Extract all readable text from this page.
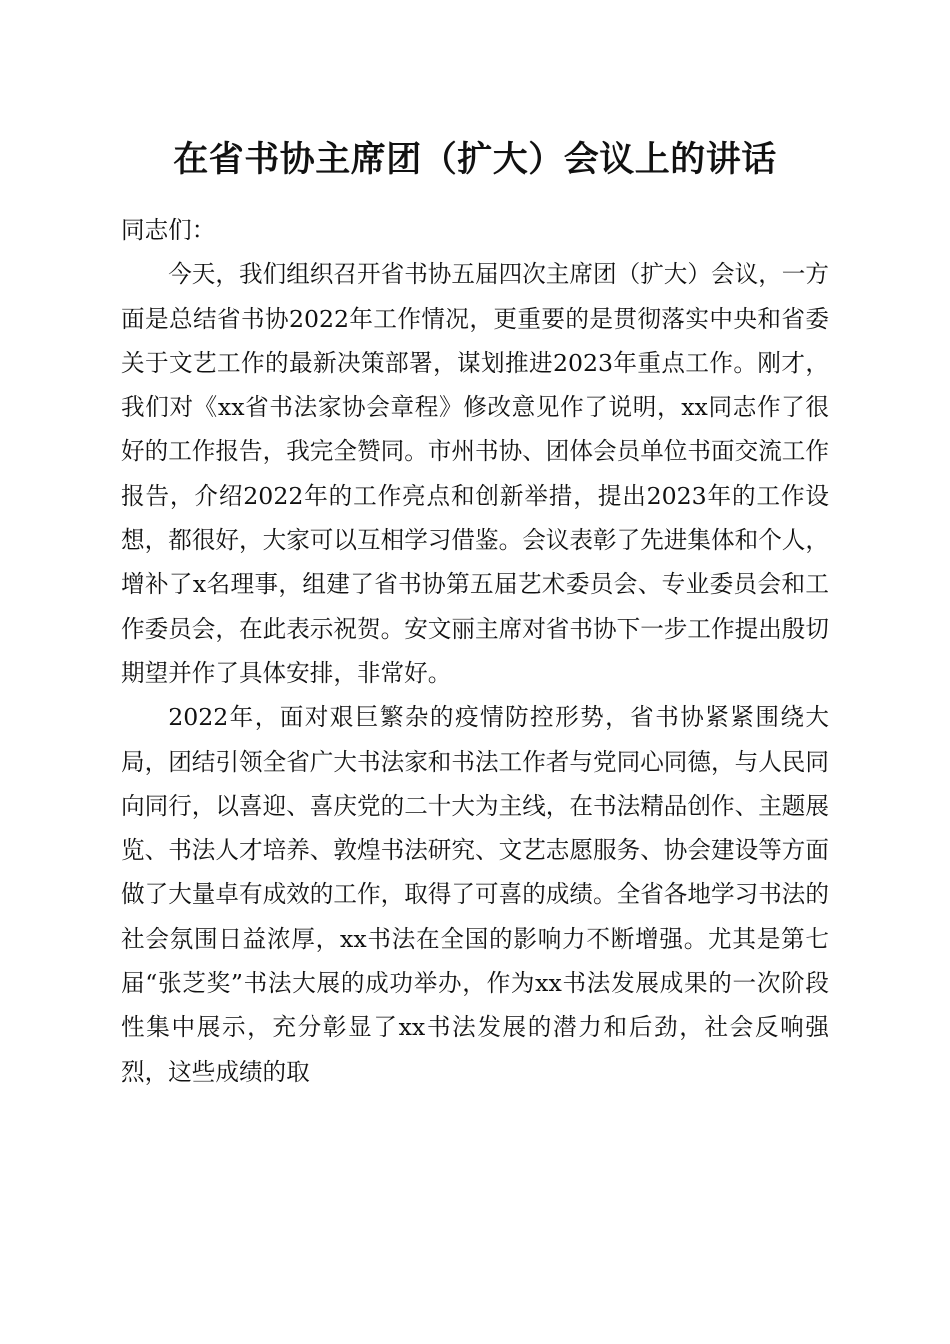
在省书协主席团（扩大）会议上的讲话

同志们：

今天，我们组织召开省书协五届四次主席团（扩大）会议，一方面是总结省书协2022年工作情况，更重要的是贯彻落实中央和省委关于文艺工作的最新决策部署，谋划推进2023年重点工作。刚才，我们对《xx省书法家协会章程》修改意见作了说明，xx同志作了很好的工作报告，我完全赞同。市州书协、团体会员单位书面交流工作报告，介绍2022年的工作亮点和创新举措，提出2023年的工作设想，都很好，大家可以互相学习借鉴。会议表彰了先进集体和个人，增补了x名理事，组建了省书协第五届艺术委员会、专业委员会和工作委员会，在此表示祝贺。安文丽主席对省书协下一步工作提出殷切期望并作了具体安排，非常好。

2022年，面对艰巨繁杂的疫情防控形势，省书协紧紧围绕大局，团结引领全省广大书法家和书法工作者与党同心同德，与人民同向同行，以喜迎、喜庆党的二十大为主线，在书法精品创作、主题展览、书法人才培养、敦煌书法研究、文艺志愿服务、协会建设等方面做了大量卓有成效的工作，取得了可喜的成绩。全省各地学习书法的社会氛围日益浓厚，xx书法在全国的影响力不断增强。尤其是第七届“张芝奖”书法大展的成功举办，作为xx书法发展成果的一次阶段性集中展示，充分彰显了xx书法发展的潜力和后劲，社会反响强烈，这些成绩的取
